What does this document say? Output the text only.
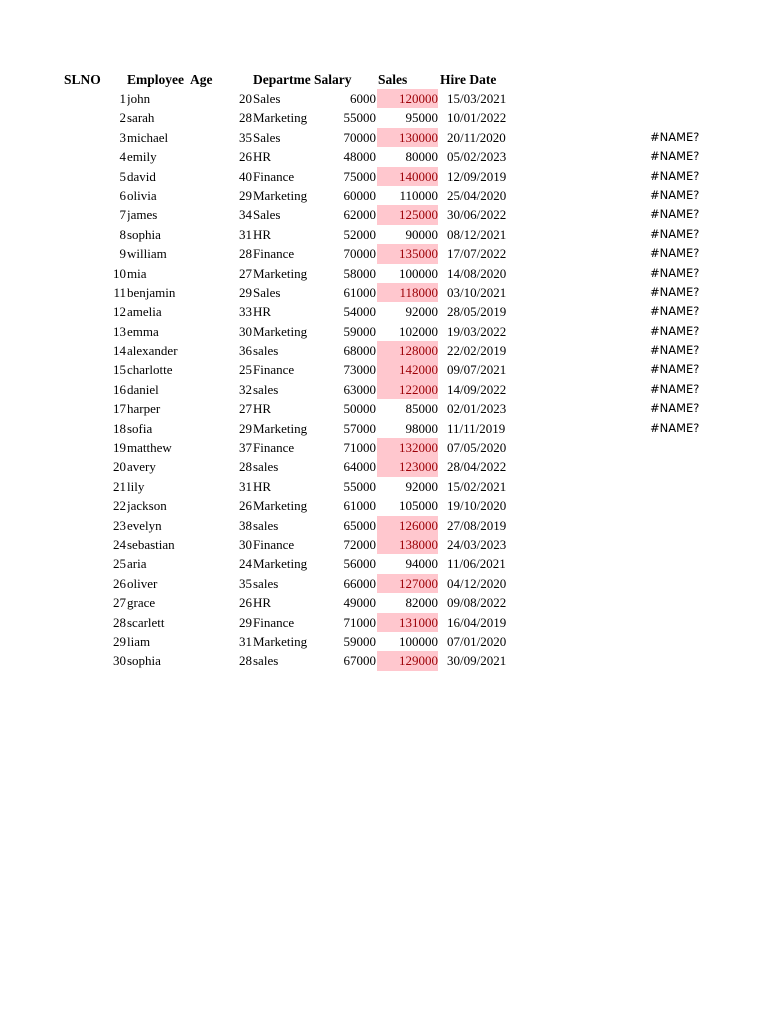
SLNO	Employee Age	Departme Salary	Sales	Hire Date
1 john	20 Sales	6000	120000 15/03/2021
2 sarah	28 Marketing	55000	95000 10/01/2022
3 michael	35 Sales	70000	130000 20/11/2020	#NAME?
4 emily	26 HR	48000	80000 05/02/2023	#NAME?
5 david	40 Finance	75000	140000 12/09/2019	#NAME?
6 olivia	29 Marketing	60000	110000 25/04/2020	#NAME?
7 james	34 Sales	62000	125000 30/06/2022	#NAME?
8 sophia	31 HR	52000	90000 08/12/2021	#NAME?
9 william	28 Finance	70000	135000 17/07/2022	#NAME?
10 mia	27 Marketing	58000	100000 14/08/2020	#NAME?
11 benjamin	29 Sales	61000	118000 03/10/2021	#NAME?
12 amelia	33 HR	54000	92000 28/05/2019	#NAME?
13 emma	30 Marketing	59000	102000 19/03/2022	#NAME?
14 alexander	36 sales	68000	128000 22/02/2019	#NAME?
15 charlotte	25 Finance	73000	142000 09/07/2021	#NAME?
16 daniel	32 sales	63000	122000 14/09/2022	#NAME?
17 harper	27 HR	50000	85000 02/01/2023	#NAME?
18 sofia	29 Marketing	57000	98000 11/11/2019	#NAME?
19 matthew	37 Finance	71000	132000 07/05/2020
20 avery	28 sales	64000	123000 28/04/2022
21 lily	31 HR	55000	92000 15/02/2021
22 jackson	26 Marketing	61000	105000 19/10/2020
23 evelyn	38 sales	65000	126000 27/08/2019
24 sebastian	30 Finance	72000	138000 24/03/2023
25 aria	24 Marketing	56000	94000 11/06/2021
26 oliver	35 sales	66000	127000 04/12/2020
27 grace	26 HR	49000	82000 09/08/2022
28 scarlett	29 Finance	71000	131000 16/04/2019
29 liam	31 Marketing	59000	100000 07/01/2020
30 sophia	28 sales	67000	129000 30/09/2021
